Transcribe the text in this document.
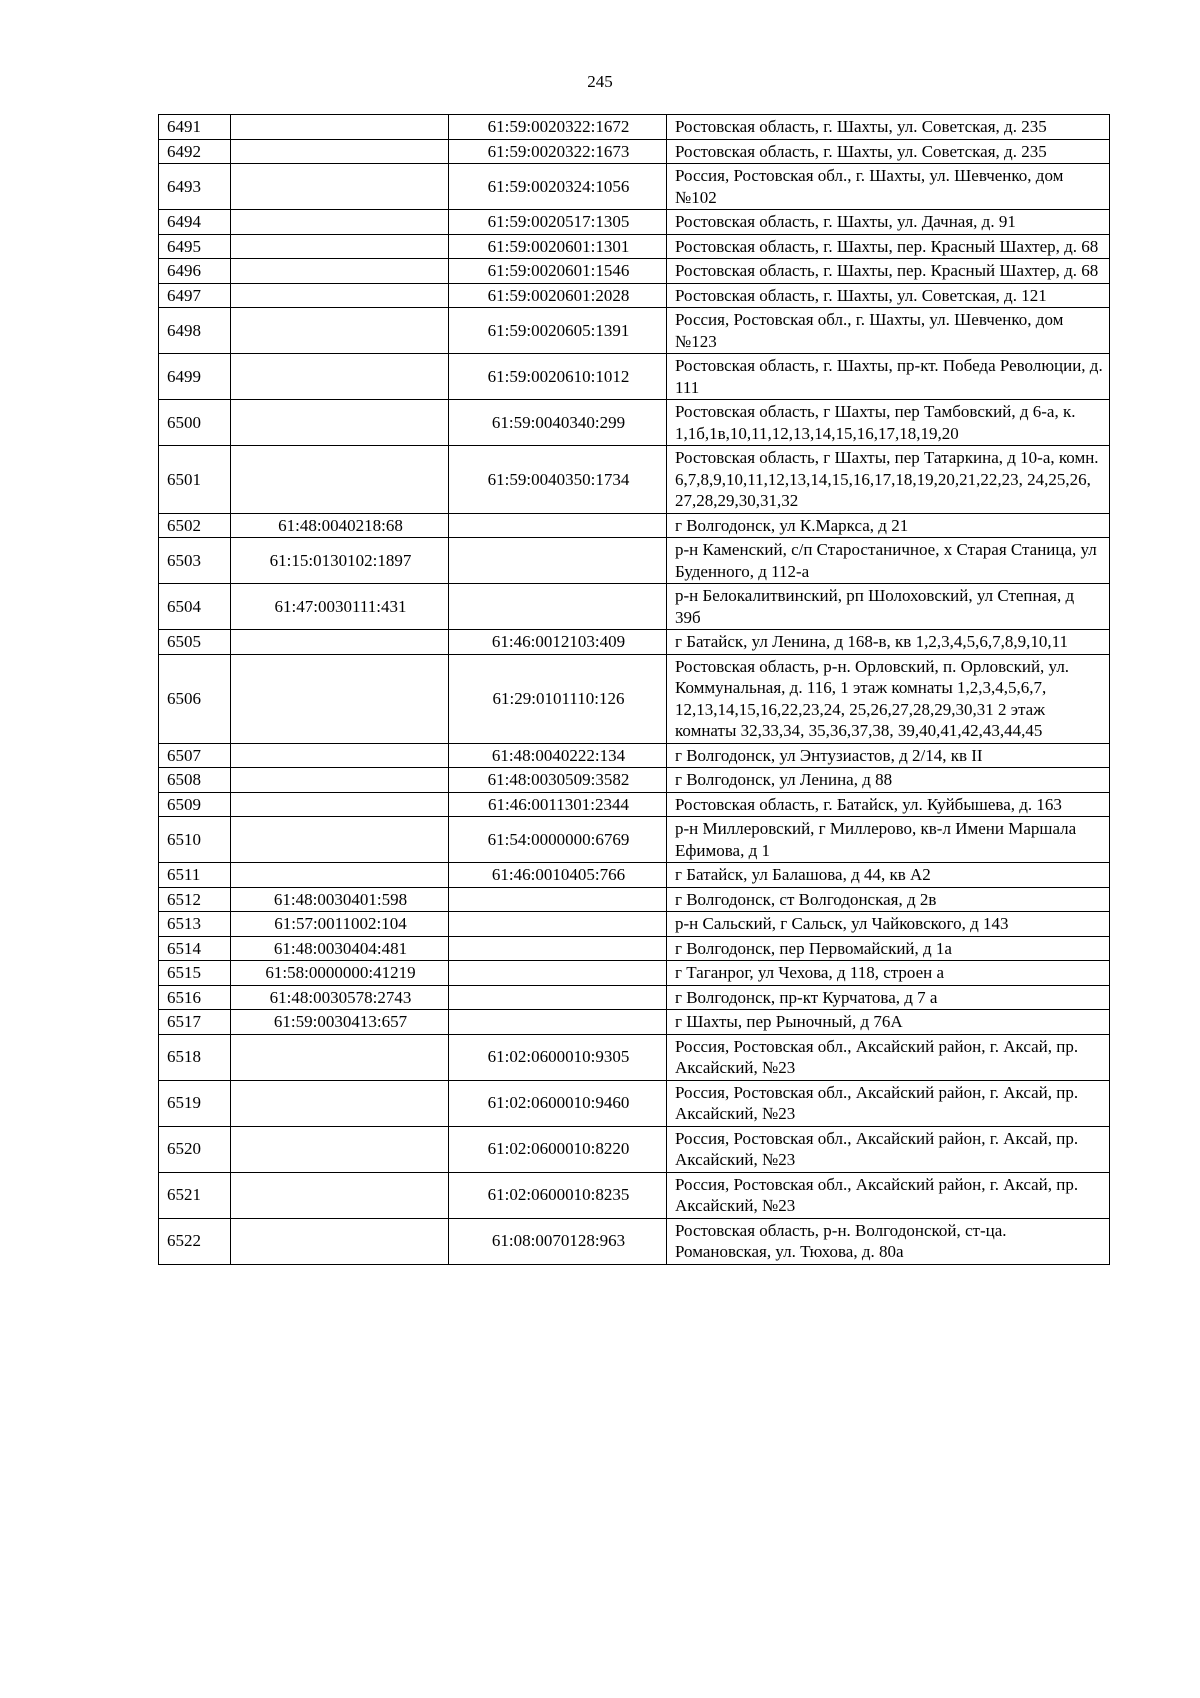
245
6491		61:59:0020322:1672	Ростовская область, г. Шахты, ул. Советская, д. 235
6492		61:59:0020322:1673	Ростовская область, г. Шахты, ул. Советская, д. 235
6493		61:59:0020324:1056	Россия, Ростовская обл., г. Шахты, ул. Шевченко, дом №102
6494		61:59:0020517:1305	Ростовская область, г. Шахты, ул. Дачная, д. 91
6495		61:59:0020601:1301	Ростовская область, г. Шахты, пер. Красный Шахтер, д. 68
6496		61:59:0020601:1546	Ростовская область, г. Шахты, пер. Красный Шахтер, д. 68
6497		61:59:0020601:2028	Ростовская область, г. Шахты, ул. Советская, д. 121
6498		61:59:0020605:1391	Россия, Ростовская обл., г. Шахты, ул. Шевченко, дом №123
6499		61:59:0020610:1012	Ростовская область, г. Шахты, пр-кт. Победа Революции, д. 111
6500		61:59:0040340:299	Ростовская область, г Шахты, пер Тамбовский, д 6-а, к. 1,1б,1в,10,11,12,13,14,15,16,17,18,19,20
6501		61:59:0040350:1734	Ростовская область, г Шахты, пер Татаркина, д 10-а, комн. 6,7,8,9,10,11,12,13,14,15,16,17,18,19,20,21,22,23, 24,25,26, 27,28,29,30,31,32
6502	61:48:0040218:68		г Волгодонск, ул К.Маркса, д 21
6503	61:15:0130102:1897		р-н Каменский, с/п Старостаничное, х Старая Станица, ул Буденного, д 112-а
6504	61:47:0030111:431		р-н Белокалитвинский, рп Шолоховский, ул Степная, д 39б
6505		61:46:0012103:409	г Батайск, ул Ленина, д 168-в, кв 1,2,3,4,5,6,7,8,9,10,11
6506		61:29:0101110:126	Ростовская область, р-н. Орловский, п. Орловский, ул. Коммунальная, д. 116, 1 этаж комнаты 1,2,3,4,5,6,7, 12,13,14,15,16,22,23,24, 25,26,27,28,29,30,31 2 этаж комнаты 32,33,34, 35,36,37,38, 39,40,41,42,43,44,45
6507		61:48:0040222:134	г Волгодонск, ул Энтузиастов, д 2/14, кв II
6508		61:48:0030509:3582	г Волгодонск, ул Ленина, д 88
6509		61:46:0011301:2344	Ростовская область, г. Батайск, ул. Куйбышева, д. 163
6510		61:54:0000000:6769	р-н Миллеровский, г Миллерово, кв-л Имени Маршала Ефимова, д 1
6511		61:46:0010405:766	г Батайск, ул Балашова, д 44, кв А2
6512	61:48:0030401:598		г Волгодонск, ст Волгодонская, д 2в
6513	61:57:0011002:104		р-н Сальский, г Сальск, ул Чайковского, д 143
6514	61:48:0030404:481		г Волгодонск, пер Первомайский, д 1а
6515	61:58:0000000:41219		г Таганрог, ул Чехова, д 118, строен а
6516	61:48:0030578:2743		г Волгодонск, пр-кт Курчатова, д 7 а
6517	61:59:0030413:657		г Шахты, пер Рыночный, д 76А
6518		61:02:0600010:9305	Россия, Ростовская обл., Аксайский район, г. Аксай, пр. Аксайский, №23
6519		61:02:0600010:9460	Россия, Ростовская обл., Аксайский район, г. Аксай, пр. Аксайский, №23
6520		61:02:0600010:8220	Россия, Ростовская обл., Аксайский район, г. Аксай, пр. Аксайский, №23
6521		61:02:0600010:8235	Россия, Ростовская обл., Аксайский район, г. Аксай, пр. Аксайский, №23
6522		61:08:0070128:963	Ростовская область, р-н. Волгодонской, ст-ца. Романовская, ул. Тюхова, д. 80а
